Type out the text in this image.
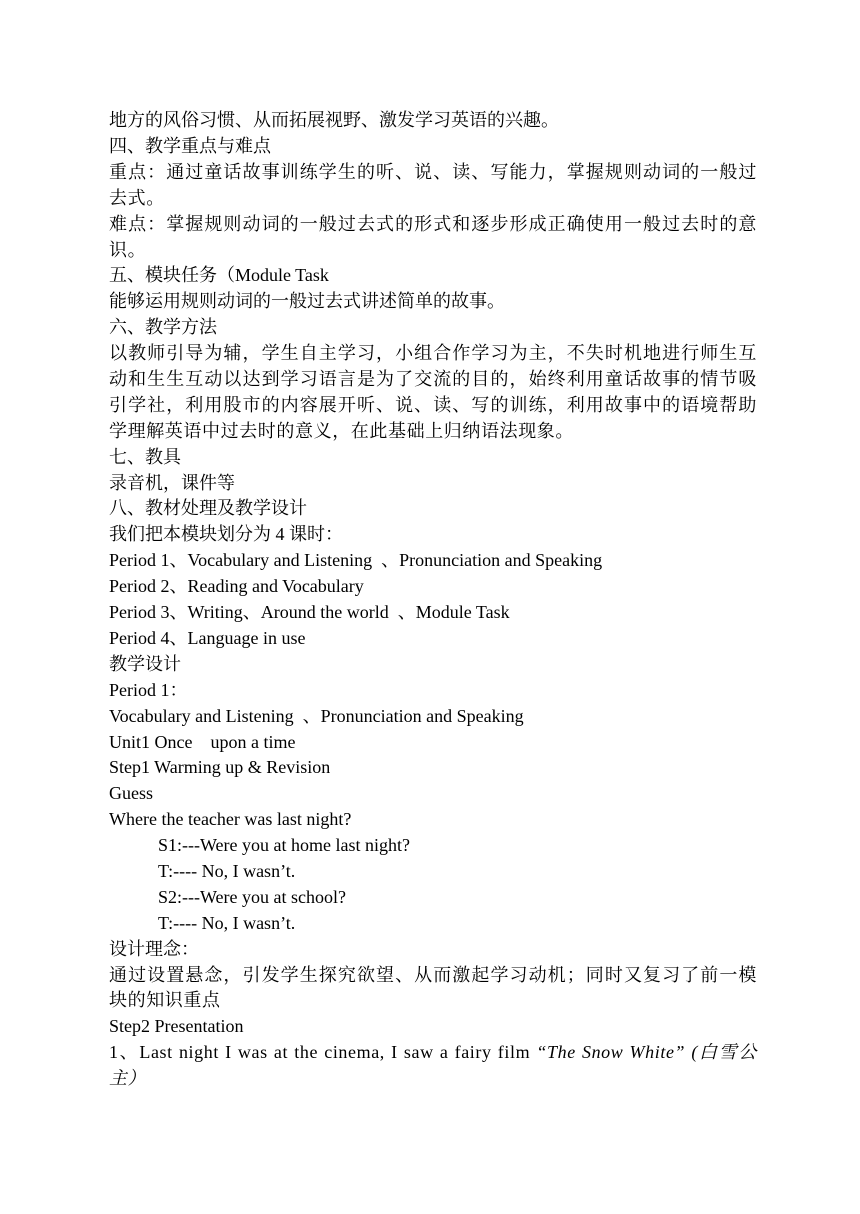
地方的风俗习惯、从而拓展视野、激发学习英语的兴趣。
四、教学重点与难点
重点：通过童话故事训练学生的听、说、读、写能力，掌握规则动词的一般过去式。
难点：掌握规则动词的一般过去式的形式和逐步形成正确使用一般过去时的意识。
五、模块任务（Module Task
能够运用规则动词的一般过去式讲述简单的故事。
六、教学方法
以教师引导为辅，学生自主学习，小组合作学习为主，不失时机地进行师生互动和生生互动以达到学习语言是为了交流的目的，始终利用童话故事的情节吸引学社，利用股市的内容展开听、说、读、写的训练，利用故事中的语境帮助学理解英语中过去时的意义，在此基础上归纳语法现象。
七、教具
录音机，课件等
八、教材处理及教学设计
我们把本模块划分为 4 课时：
Period 1、Vocabulary and Listening  、Pronunciation and Speaking
Period 2、Reading and Vocabulary
Period 3、Writing、Around the world  、Module Task
Period 4、Language in use
教学设计
Period 1：
Vocabulary and Listening  、Pronunciation and Speaking
Unit1 Once    upon a time
Step1 Warming up & Revision
Guess
Where the teacher was last night?
S1:---Were you at home last night?
T:---- No, I wasn’t.
S2:---Were you at school?
T:---- No, I wasn’t.
设计理念：
通过设置悬念，引发学生探究欲望、从而激起学习动机；同时又复习了前一模块的知识重点
Step2 Presentation
1、Last night I was at the cinema, I saw a fairy film “The Snow White” (白雪公主）
